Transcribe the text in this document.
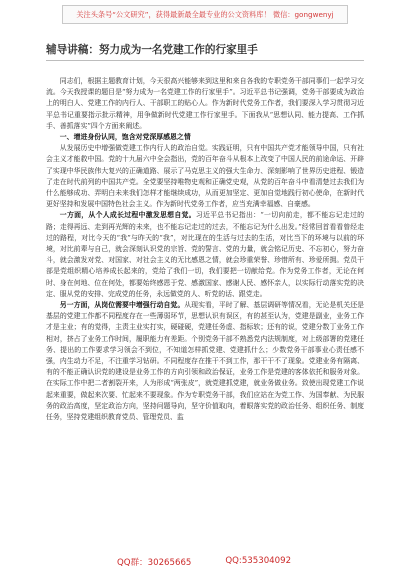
关注头条号“公文研究”，获得最新最全最专业的公文资料库！ 微信：gongwenyj
辅导讲稿：努力成为一名党建工作的行家里手

同志们，根据主题教育计划，今天很高兴能够来到这里和来自各我的专职党务干部同事们一起学习交流。今天我授课的题目是“努力成为一名党建工作的行家里手”。习近平总书记强调，党务干部要成为政治上的明白人、党建工作的内行人、干部职工的贴心人。作为新时代党务工作者，我们要深入学习贯彻习近平总书记重要指示批示精神，用争做新时代党建工作行家里手。下面我从“思想认同、能力提高、工作抓手、善抓落实”四个方面来阐述。

一、增进身份认同，饱含对党深厚感恩之情

从发展历史中增强做党建工作内行人的政治自觉。实践证明，只有中国共产党才能领导中国，只有社会主义才能救中国。党的十九届六中全会指出，党的百年奋斗从根本上改变了中国人民的前途命运、开辟了实现中华民族伟大复兴的正确道路、展示了马克思主义的强大生命力、深刻影响了世界历史进程、锻造了走在时代前列的中国共产党。全党要坚持唯物史观和正确党史观，从党的百年奋斗中看清楚过去我们为什么能够成功、弄明白未来我们怎样才能继续成功，从而更加坚定、更加自觉地践行初心使命，在新时代更好坚持和发展中国特色社会主义。作为新时代党务工作者，应当充满幸福感、自豪感。

一方面，从个人成长过程中激发思想自觉。习近平总书记指出：“一切向前走，都不能忘记走过的路；走得再远、走到再光辉的未来，也不能忘记走过的过去，不能忘记为什么出发。”经常回首看看曾经走过的路程，对比今天的“我”与昨天的“我”，对比现在的生活与过去的生活，对比当下的环境与以前的环境，对比前辈与自己，就会深刻认识党的宗旨、党的誓言、党的力量，就会铭记历史、不忘初心，努力奋斗，就会激发对党、对国家、对社会主义的无比感恩之情，就会珍重荣誉、珍惜所有、珍爱所拥。党员干部是党组织精心培养成长起来的，党给了我们一切，我们要把一切献给党。作为党务工作者，无论在何时、身在何地、位在何处，都要始终感恩于党、感激国家、感谢人民、感怀亲人，以实际行动落实党的决定、服从党的安排、完成党的任务，永远做党的人、听党的话、跟党走。

另一方面，从岗位需要中增强行动自觉。从现实看，平时了解、基层调研等情况看，无论是机关还是基层的党建工作都不同程度存在一些薄弱环节，思想认识有误区，有的甚至认为，党建是副业，业务工作才是主业；有的觉得，主责主业实打实，硬碰硬，党建任务虚、指标软；还有的说，党建分数丁业务工作相对，挤占了业务工作时间，履职能力有差距。个别党务干部不熟悉党内法规制度，对上级部署的党建任务、提出的工作要求学习领会不到位，不知道怎样抓党建、党建抓什么；少数党务干部事业心责任感不强，内生动力不足，不注重学习钻研。不同程度存在推干不到工作，那干干不了现象。党建业务有隔离、有的不能正确认识党的建设是业务工作的方向引领和政治保证，业务工作是党建的客体依托和服务对象。在实际工作中把二者割裂开来，人为形成“两张皮”，就党建抓党建，就业务做业务。致使出现党建工作说起来重要，做起来次要、忙起来不要现象。作为专职党务干部，我们应站在为党工作、为国奉献、为民服务的政治高度，坚定政治方向，坚持问题导向，坚守价值取向，着眼落实党的政治任务、组织任务、制度任务，坚持党建组织教育党员、管理党员、监

QQ群：30265665	QQ:535304092
